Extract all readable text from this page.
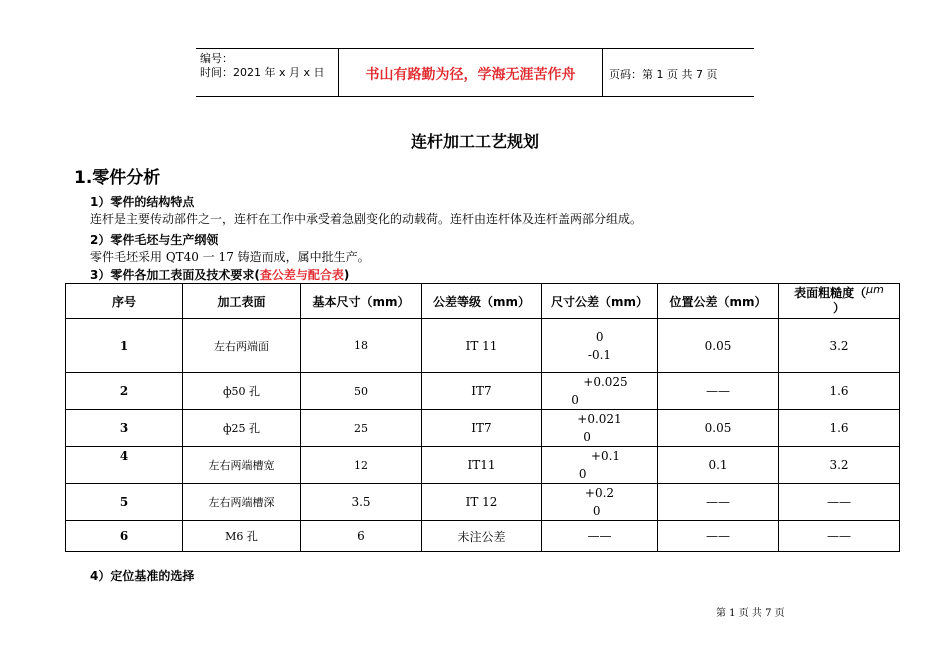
编号：
时间：2021 年 x 月 x 日	书山有路勤为径，学海无涯苦作舟	页码：第 1 页 共 7 页
连杆加工工艺规划
1.零件分析
1）零件的结构特点
连杆是主要传动部件之一，连杆在工作中承受着急剧变化的动载荷。连杆由连杆体及连杆盖两部分组成。
2）零件毛坯与生产纲领
零件毛坯采用 QT40 一 17 铸造而成，属中批生产。
3）零件各加工表面及技术要求(查公差与配合表)
序号	加工表面	基本尺寸（mm）	公差等级（mm）	尺寸公差（mm）	位置公差（mm）	表面粗糙度（μm
）
1	左右两端面	18	IT 11	0
-0.1	0.05	3.2
2	ф50 孔	50	IT7	+0.025
0	——	1.6
3	ф25 孔	25	IT7	+0.021
0	0.05	1.6
4	左右两端槽宽	12	IT11	+0.1
0	0.1	3.2
5	左右两端槽深	3.5	IT 12	+0.2
0	——	——
6	M6 孔	6	未注公差	——	——	——
4）定位基准的选择
第 1 页 共 7 页
